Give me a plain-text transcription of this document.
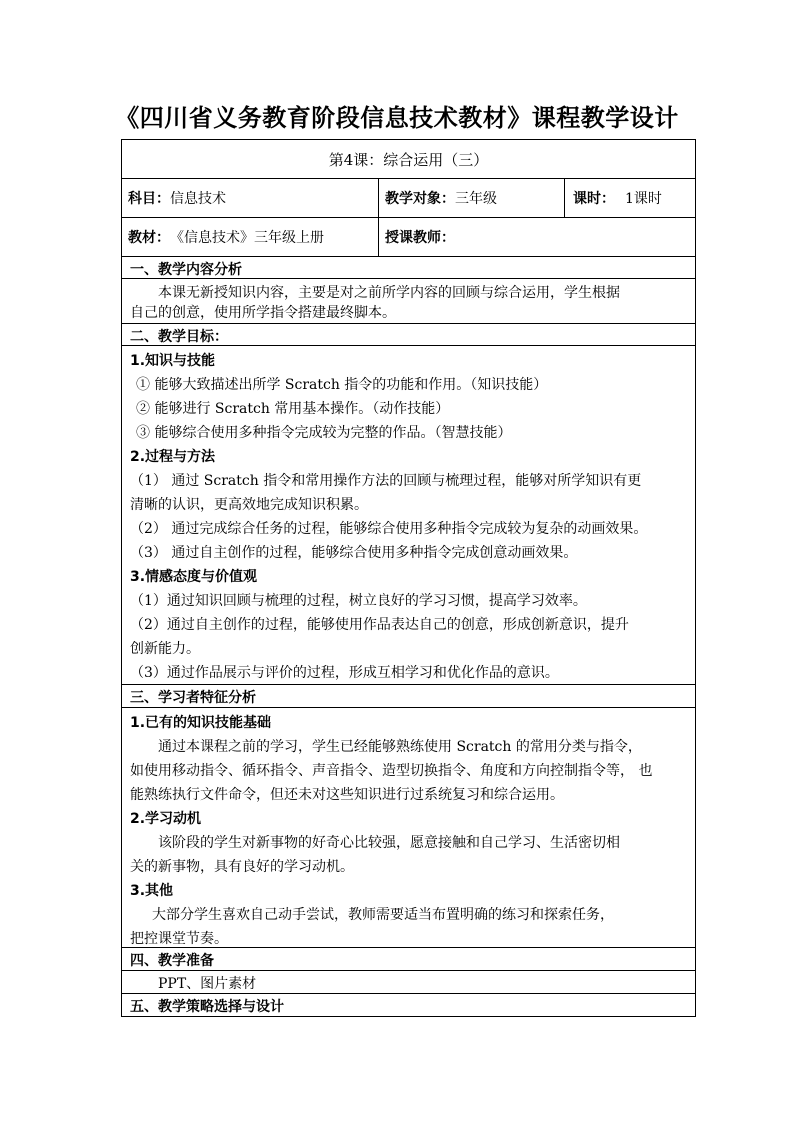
《四川省义务教育阶段信息技术教材》课程教学设计
第4课：综合运用（三）
科目： 信息技术	教学对象： 三年级	课时： 1课时
教材： 《信息技术》三年级上册	授课教师：
一、教学内容分析
本课无新授知识内容，主要是对之前所学内容的回顾与综合运用，学生根据
自己的创意，使用所学指令搭建最终脚本。
二、教学目标：
1.知识与技能
① 能够大致描述出所学 Scratch 指令的功能和作用。（知识技能）
② 能够进行 Scratch 常用基本操作。（动作技能）
③ 能够综合使用多种指令完成较为完整的作品。（智慧技能）
2.过程与方法
（1） 通过 Scratch 指令和常用操作方法的回顾与梳理过程，能够对所学知识有更
清晰的认识，更高效地完成知识积累。
（2） 通过完成综合任务的过程，能够综合使用多种指令完成较为复杂的动画效果。
（3） 通过自主创作的过程，能够综合使用多种指令完成创意动画效果。
3.情感态度与价值观
（1）通过知识回顾与梳理的过程，树立良好的学习习惯，提高学习效率。
（2）通过自主创作的过程，能够使用作品表达自己的创意，形成创新意识，提升
创新能力。
（3）通过作品展示与评价的过程，形成互相学习和优化作品的意识。
三、学习者特征分析
1.已有的知识技能基础
通过本课程之前的学习，学生已经能够熟练使用 Scratch 的常用分类与指令，
如使用移动指令、循环指令、声音指令、造型切换指令、角度和方向控制指令等， 也
能熟练执行文件命令，但还未对这些知识进行过系统复习和综合运用。
2.学习动机
该阶段的学生对新事物的好奇心比较强，愿意接触和自己学习、生活密切相
关的新事物，具有良好的学习动机。
3.其他
大部分学生喜欢自己动手尝试，教师需要适当布置明确的练习和探索任务，
把控课堂节奏。
四、教学准备
PPT、图片素材
五、教学策略选择与设计
